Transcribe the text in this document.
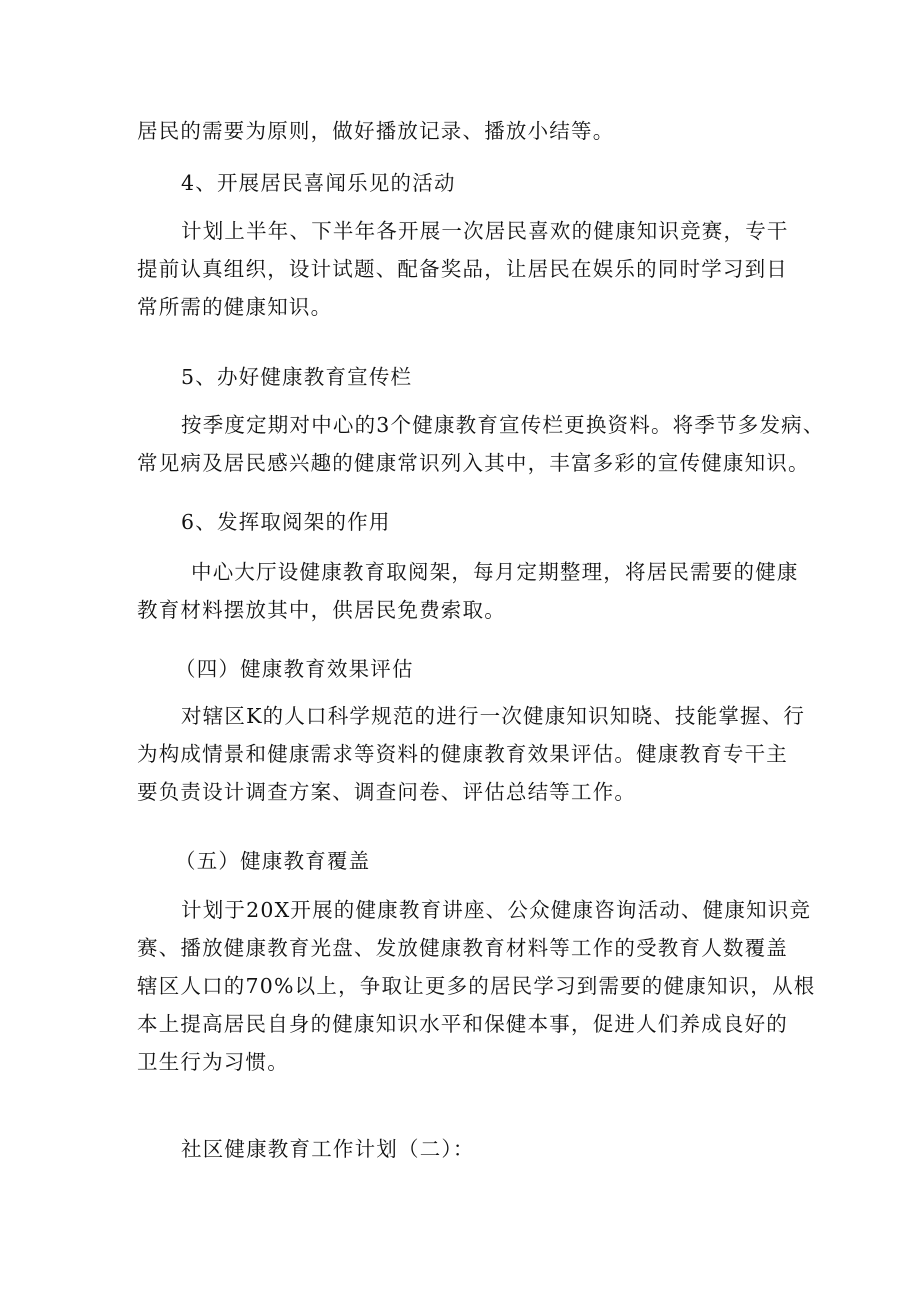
居民的需要为原则，做好播放记录、播放小结等。

4、开展居民喜闻乐见的活动

计划上半年、下半年各开展一次居民喜欢的健康知识竞赛，专干
提前认真组织，设计试题、配备奖品，让居民在娱乐的同时学习到日
常所需的健康知识。

5、办好健康教育宣传栏

按季度定期对中心的3个健康教育宣传栏更换资料。将季节多发病、
常见病及居民感兴趣的健康常识列入其中，丰富多彩的宣传健康知识。

6、发挥取阅架的作用

中心大厅设健康教育取阅架，每月定期整理，将居民需要的健康
教育材料摆放其中，供居民免费索取。

（四）健康教育效果评估

对辖区K的人口科学规范的进行一次健康知识知晓、技能掌握、行
为构成情景和健康需求等资料的健康教育效果评估。健康教育专干主
要负责设计调查方案、调查问卷、评估总结等工作。

（五）健康教育覆盖

计划于20X开展的健康教育讲座、公众健康咨询活动、健康知识竞
赛、播放健康教育光盘、发放健康教育材料等工作的受教育人数覆盖
辖区人口的70%以上，争取让更多的居民学习到需要的健康知识，从根
本上提高居民自身的健康知识水平和保健本事，促进人们养成良好的
卫生行为习惯。

社区健康教育工作计划（二）：
